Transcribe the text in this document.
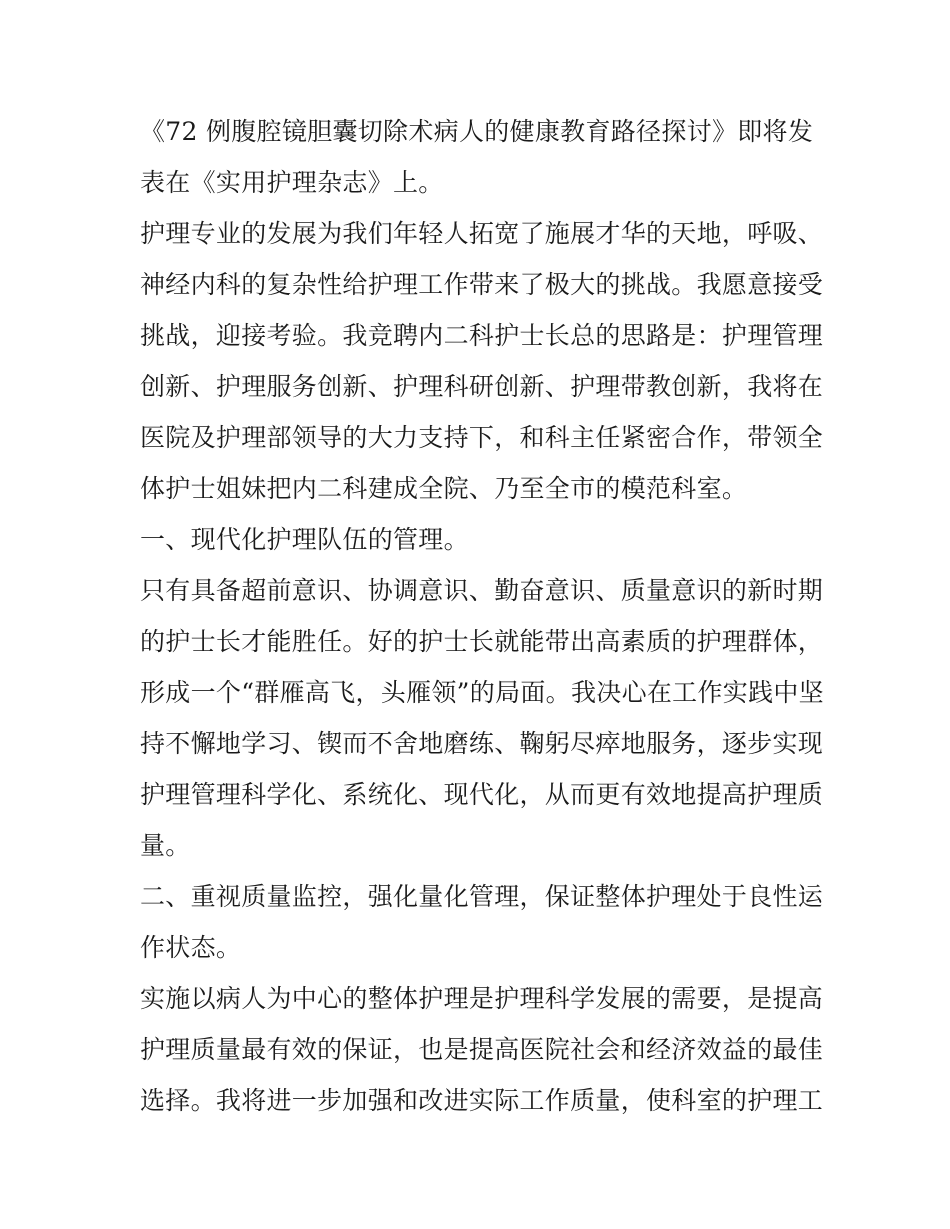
《72 例腹腔镜胆囊切除术病人的健康教育路径探讨》即将发
表在《实用护理杂志》上。
护理专业的发展为我们年轻人拓宽了施展才华的天地，呼吸、
神经内科的复杂性给护理工作带来了极大的挑战。我愿意接受
挑战，迎接考验。我竞聘内二科护士长总的思路是：护理管理
创新、护理服务创新、护理科研创新、护理带教创新，我将在
医院及护理部领导的大力支持下，和科主任紧密合作，带领全
体护士姐妹把内二科建成全院、乃至全市的模范科室。
一、现代化护理队伍的管理。
只有具备超前意识、协调意识、勤奋意识、质量意识的新时期
的护士长才能胜任。好的护士长就能带出高素质的护理群体，
形成一个“群雁高飞，头雁领”的局面。我决心在工作实践中坚
持不懈地学习、锲而不舍地磨练、鞠躬尽瘁地服务，逐步实现
护理管理科学化、系统化、现代化，从而更有效地提高护理质
量。
二、重视质量监控，强化量化管理，保证整体护理处于良性运
作状态。
实施以病人为中心的整体护理是护理科学发展的需要，是提高
护理质量最有效的保证，也是提高医院社会和经济效益的最佳
选择。我将进一步加强和改进实际工作质量，使科室的护理工
